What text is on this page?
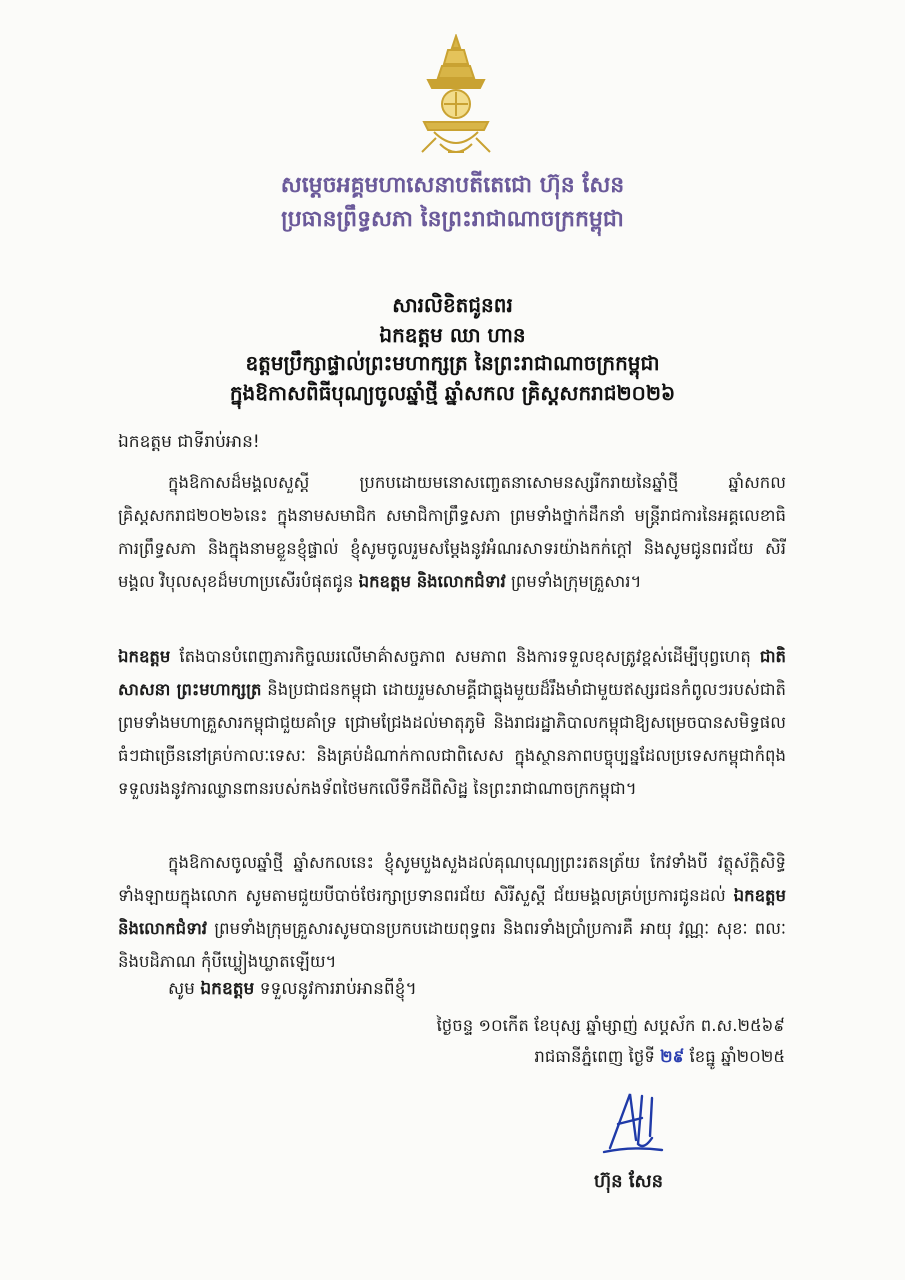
សម្តេចអគ្គមហាសេនាបតីតេជោ ហ៊ុន សែន
ប្រធានព្រឹទ្ធសភា នៃព្រះរាជាណាចក្រកម្ពុជា
សារលិខិតជូនពរ
ឯកឧត្តម ឈា ហាន
ឧត្តមប្រឹក្សាផ្ទាល់ព្រះមហាក្សត្រ នៃព្រះរាជាណាចក្រកម្ពុជា
ក្នុងឱកាសពិធីបុណ្យចូលឆ្នាំថ្មី ឆ្នាំសកល គ្រិស្តសករាជ២០២៦
ឯកឧត្តម ជាទីរាប់អាន!
ក្នុងឱកាសដ៏មង្គលសួស្តី ប្រកបដោយមនោសញ្ចេតនាសោមនស្សរីករាយនៃឆ្នាំថ្មី ឆ្នាំសកល គ្រិស្តសករាជ២០២៦នេះ ក្នុងនាមសមាជិក សមាជិកាព្រឹទ្ធសភា ព្រមទាំងថ្នាក់ដឹកនាំ មន្ត្រីរាជការនៃអគ្គលេខាធិការព្រឹទ្ធសភា និងក្នុងនាមខ្លួនខ្ញុំផ្ទាល់ ខ្ញុំសូមចូលរួមសម្តែងនូវអំណរសាទរយ៉ាងកក់ក្តៅ និងសូមជូនពរជ័យ សិរីមង្គល វិបុលសុខដ៏មហាប្រសើរបំផុតជូន ឯកឧត្តម និងលោកជំទាវ ព្រមទាំងក្រុមគ្រួសារ។
ឯកឧត្តម តែងបានបំពេញភារកិច្ចឈរលើមាគ៌ាសច្ចភាព សមភាព និងការទទួលខុសត្រូវខ្ពស់ដើម្បីបុព្វហេតុ ជាតិ សាសនា ព្រះមហាក្សត្រ និងប្រជាជនកម្ពុជា ដោយរួមសាមគ្គីជាធ្លុងមួយដ៏រឹងមាំជាមួយឥស្សរជនកំពូលៗរបស់ជាតិ ព្រមទាំងមហាគ្រួសារកម្ពុជាជួយគាំទ្រ ជ្រោមជ្រែងដល់មាតុភូមិ និងរាជរដ្ឋាភិបាលកម្ពុជាឱ្យសម្រេចបានសមិទ្ធផលធំៗជាច្រើននៅគ្រប់កាលៈទេសៈ និងគ្រប់ដំណាក់កាលជាពិសេស ក្នុងស្ថានភាពបច្ចុប្បន្នដែលប្រទេសកម្ពុជាកំពុងទទួលរងនូវការឈ្លានពានរបស់កងទ័ពថៃមកលើទឹកដីពិសិដ្ឋ នៃព្រះរាជាណាចក្រកម្ពុជា។
ក្នុងឱកាសចូលឆ្នាំថ្មី ឆ្នាំសកលនេះ ខ្ញុំសូមបួងសួងដល់គុណបុណ្យព្រះរតនត្រ័យ កែវទាំងបី វត្ថុស័ក្តិសិទ្ធិទាំងឡាយក្នុងលោក សូមតាមជួយបីបាច់ថែរក្សាប្រទានពរជ័យ សិរីសួស្តី ជ័យមង្គលគ្រប់ប្រការជូនដល់ ឯកឧត្តម និងលោកជំទាវ ព្រមទាំងក្រុមគ្រួសារសូមបានប្រកបដោយពុទ្ធពរ និងពរទាំងប្រាំប្រការគឺ អាយុ វណ្ណៈ សុខៈ ពលៈ និងបដិភាណ កុំបីឃ្លៀងឃ្លាតឡើយ។
សូម ឯកឧត្តម ទទួលនូវការរាប់អានពីខ្ញុំ។
ថ្ងៃចន្ទ ១០កើត ខែបុស្ស ឆ្នាំម្សាញ់ សប្តស័ក ព.ស.២៥៦៩
រាជធានីភ្នំពេញ ថ្ងៃទី ២៩ ខែធ្នូ ឆ្នាំ២០២៥
ហ៊ុន សែន
